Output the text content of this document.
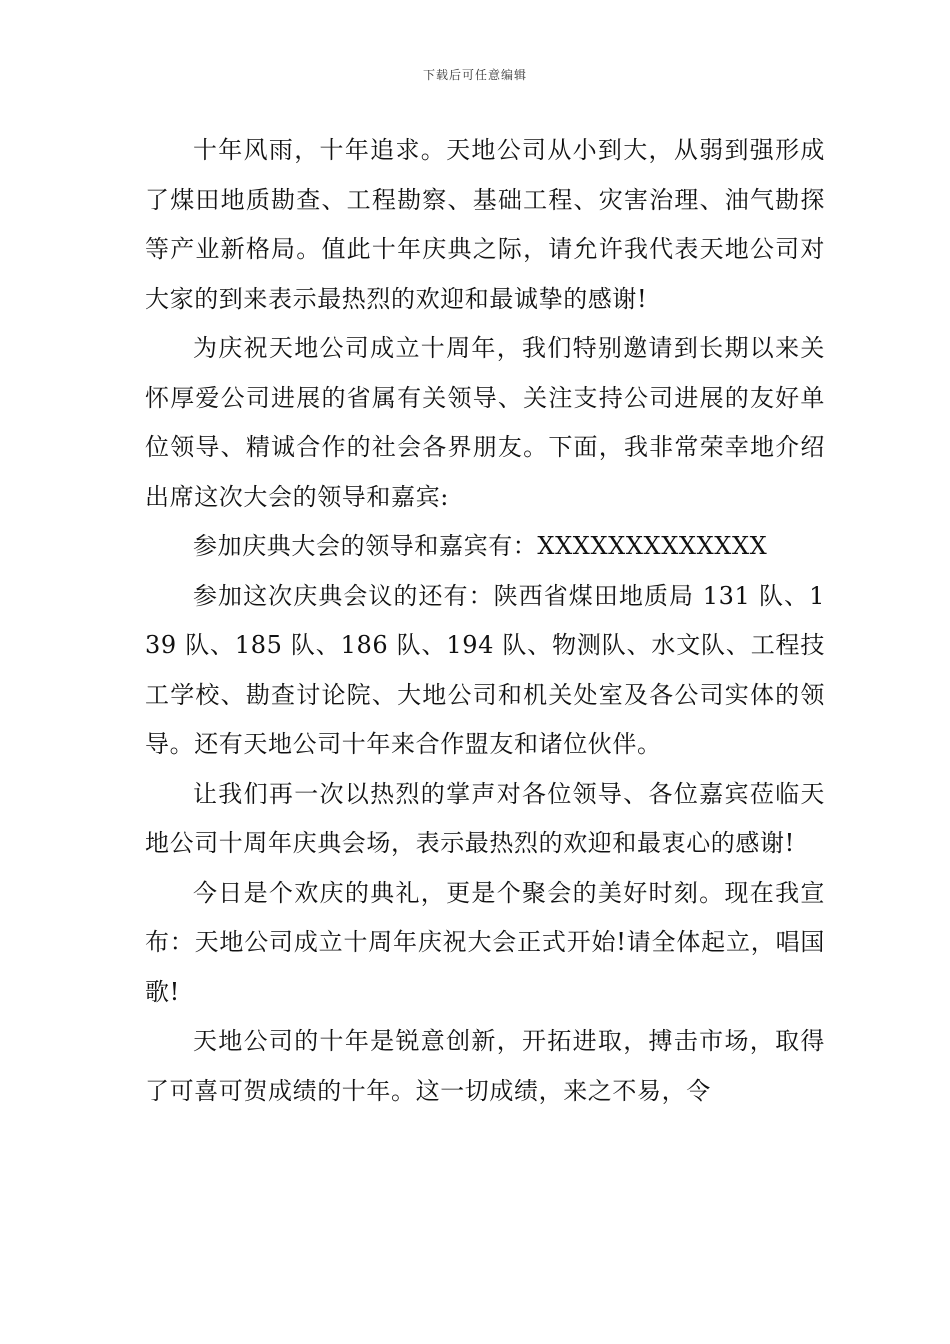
下载后可任意编辑

十年风雨，十年追求。天地公司从小到大，从弱到强形成了煤田地质勘查、工程勘察、基础工程、灾害治理、油气勘探等产业新格局。值此十年庆典之际，请允许我代表天地公司对大家的到来表示最热烈的欢迎和最诚挚的感谢!

为庆祝天地公司成立十周年，我们特别邀请到长期以来关怀厚爱公司进展的省属有关领导、关注支持公司进展的友好单位领导、精诚合作的社会各界朋友。下面，我非常荣幸地介绍出席这次大会的领导和嘉宾:

参加庆典大会的领导和嘉宾有：XXXXXXXXXXXXX

参加这次庆典会议的还有：陕西省煤田地质局 131 队、139 队、185 队、186 队、194 队、物测队、水文队、工程技工学校、勘查讨论院、大地公司和机关处室及各公司实体的领导。还有天地公司十年来合作盟友和诸位伙伴。

让我们再一次以热烈的掌声对各位领导、各位嘉宾莅临天地公司十周年庆典会场，表示最热烈的欢迎和最衷心的感谢!

今日是个欢庆的典礼，更是个聚会的美好时刻。现在我宣布：天地公司成立十周年庆祝大会正式开始!请全体起立，唱国歌!

天地公司的十年是锐意创新，开拓进取，搏击市场，取得了可喜可贺成绩的十年。这一切成绩，来之不易，令
